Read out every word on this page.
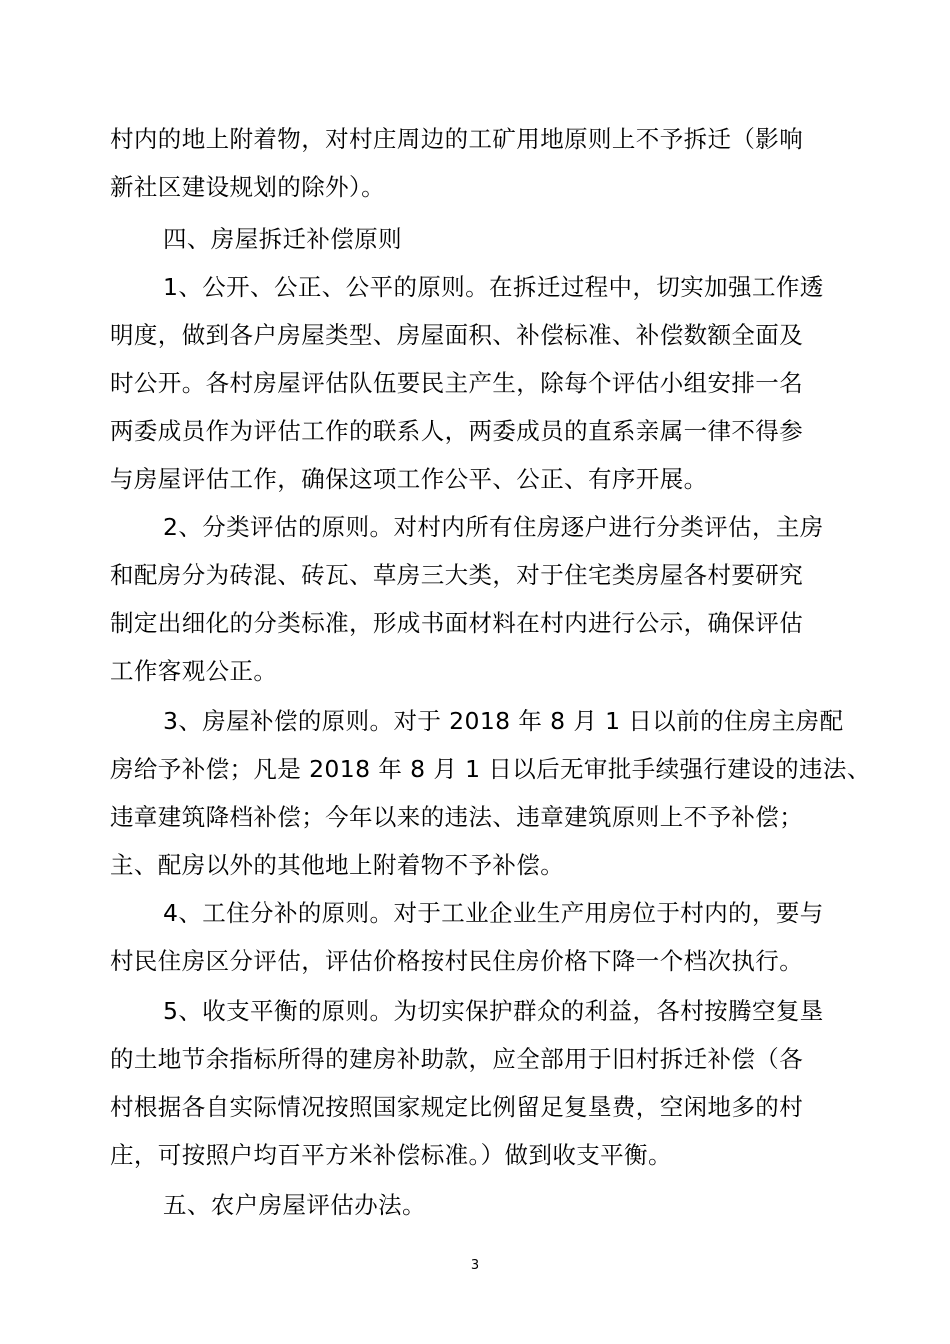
村内的地上附着物，对村庄周边的工矿用地原则上不予拆迁（影响
新社区建设规划的除外）。
四、房屋拆迁补偿原则
1、公开、公正、公平的原则。在拆迁过程中，切实加强工作透
明度，做到各户房屋类型、房屋面积、补偿标准、补偿数额全面及
时公开。各村房屋评估队伍要民主产生，除每个评估小组安排一名
两委成员作为评估工作的联系人，两委成员的直系亲属一律不得参
与房屋评估工作，确保这项工作公平、公正、有序开展。
2、分类评估的原则。对村内所有住房逐户进行分类评估，主房
和配房分为砖混、砖瓦、草房三大类，对于住宅类房屋各村要研究
制定出细化的分类标准，形成书面材料在村内进行公示，确保评估
工作客观公正。
3、房屋补偿的原则。对于 2018 年 8 月 1 日以前的住房主房配
房给予补偿；凡是 2018 年 8 月 1 日以后无审批手续强行建设的违法、
违章建筑降档补偿；今年以来的违法、违章建筑原则上不予补偿；
主、配房以外的其他地上附着物不予补偿。
4、工住分补的原则。对于工业企业生产用房位于村内的，要与
村民住房区分评估，评估价格按村民住房价格下降一个档次执行。
5、收支平衡的原则。为切实保护群众的利益，各村按腾空复垦
的土地节余指标所得的建房补助款，应全部用于旧村拆迁补偿（各
村根据各自实际情况按照国家规定比例留足复垦费，空闲地多的村
庄，可按照户均百平方米补偿标准。）做到收支平衡。
五、农户房屋评估办法。
3
